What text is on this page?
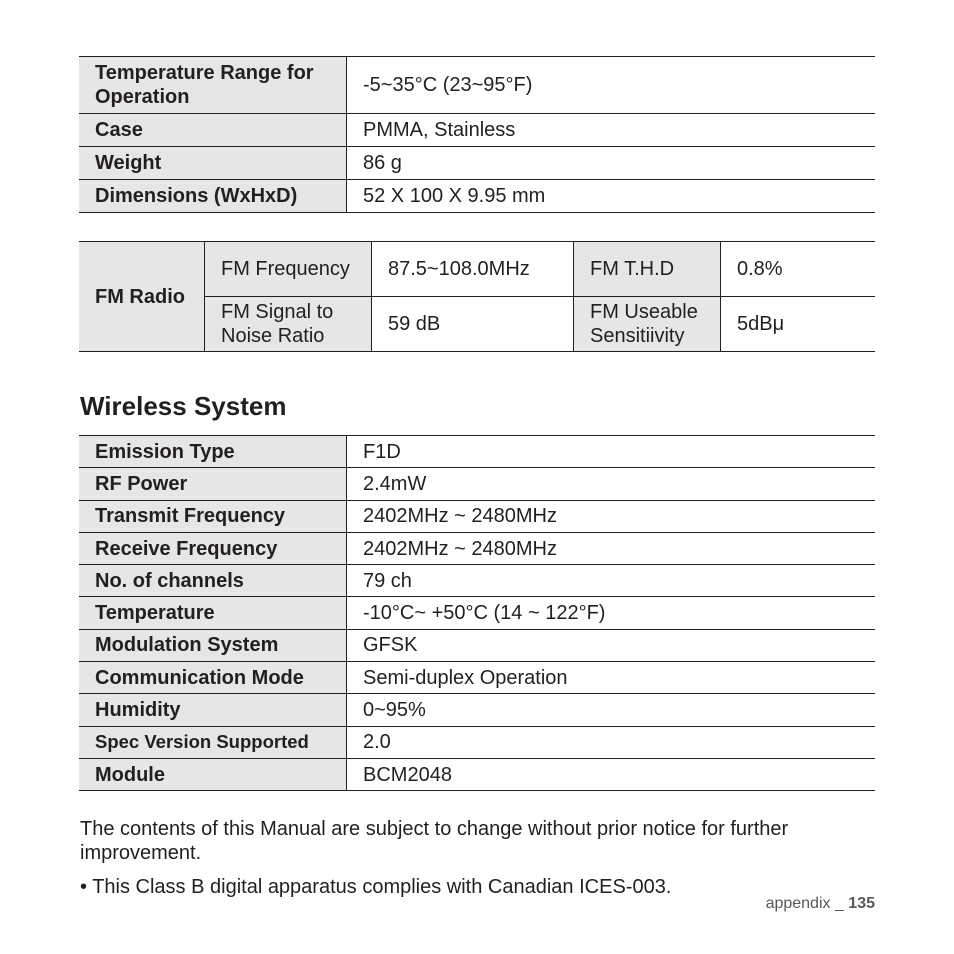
Temperature Range for Operation	-5~35°C (23~95°F)
Case	PMMA, Stainless
Weight	86 g
Dimensions (WxHxD)	52 X 100 X 9.95 mm
FM Radio	FM Frequency	87.5~108.0MHz	FM T.H.D	0.8%
	FM Signal to Noise Ratio	59 dB	FM Useable Sensitiivity	5dBμ
Wireless System
Emission Type	F1D
RF Power	2.4mW
Transmit Frequency	2402MHz ~ 2480MHz
Receive Frequency	2402MHz ~ 2480MHz
No. of channels	79 ch
Temperature	-10°C~ +50°C (14 ~ 122°F)
Modulation System	GFSK
Communication Mode	Semi-duplex Operation
Humidity	0~95%
Spec Version Supported	2.0
Module	BCM2048

The contents of this Manual are subject to change without prior notice for further improvement.

• This Class B digital apparatus complies with Canadian ICES-003.

appendix _ 135
